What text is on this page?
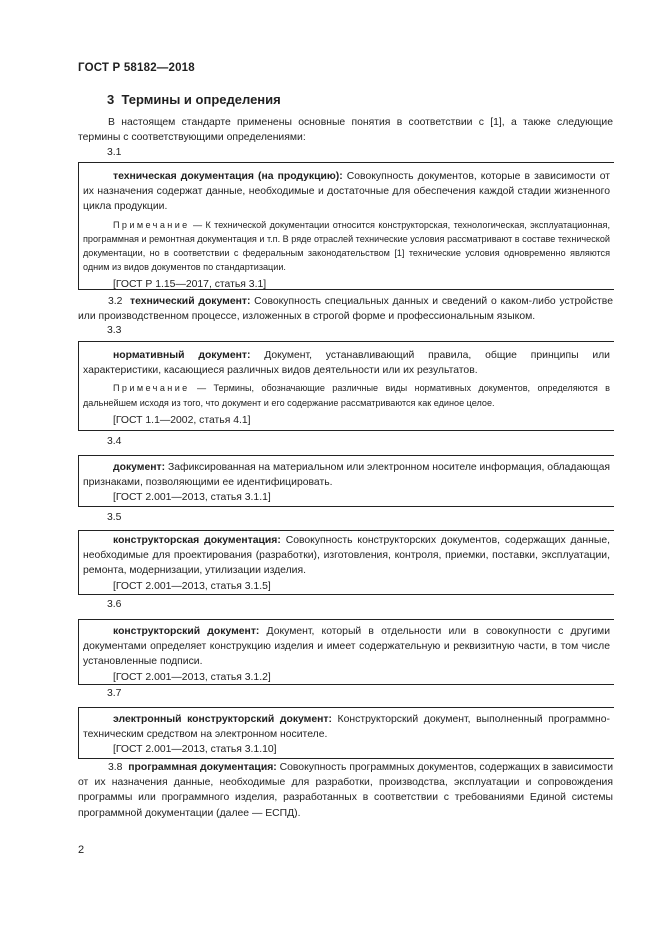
ГОСТ Р 58182—2018
3 Термины и определения
В настоящем стандарте применены основные понятия в соответствии с [1], а также следующие термины с соответствующими определениями:
3.1

техническая документация (на продукцию): Совокупность документов, которые в зависимости от их назначения содержат данные, необходимые и достаточные для обеспечения каждой стадии жизненного цикла продукции.

Примечание — К технической документации относится конструкторская, технологическая, эксплуатационная, программная и ремонтная документация и т.п. В ряде отраслей технические условия рассматривают в составе технической документации, но в соответствии с федеральным законодательством [1] технические условия одновременно являются одним из видов документов по стандартизации.

[ГОСТ Р 1.15—2017, статья 3.1]

3.2 технический документ: Совокупность специальных данных и сведений о каком-либо устройстве или производственном процессе, изложенных в строгой форме и профессиональным языком.
3.3

нормативный документ: Документ, устанавливающий правила, общие принципы или характеристики, касающиеся различных видов деятельности или их результатов.

Примечание — Термины, обозначающие различные виды нормативных документов, определяются в дальнейшем исходя из того, что документ и его содержание рассматриваются как единое целое.

[ГОСТ 1.1—2002, статья 4.1]

3.4

документ: Зафиксированная на материальном или электронном носителе информация, обладающая признаками, позволяющими ее идентифицировать.

[ГОСТ 2.001—2013, статья 3.1.1]

3.5

конструкторская документация: Совокупность конструкторских документов, содержащих данные, необходимые для проектирования (разработки), изготовления, контроля, приемки, поставки, эксплуатации, ремонта, модернизации, утилизации изделия.

[ГОСТ 2.001—2013, статья 3.1.5]

3.6

конструкторский документ: Документ, который в отдельности или в совокупности с другими документами определяет конструкцию изделия и имеет содержательную и реквизитную части, в том числе установленные подписи.

[ГОСТ 2.001—2013, статья 3.1.2]

3.7

электронный конструкторский документ: Конструкторский документ, выполненный программно-техническим средством на электронном носителе.

[ГОСТ 2.001—2013, статья 3.1.10]

3.8 программная документация: Совокупность программных документов, содержащих в зависимости от их назначения данные, необходимые для разработки, производства, эксплуатации и сопровождения программы или программного изделия, разработанных в соответствии с требованиями Единой системы программной документации (далее — ЕСПД).
2
